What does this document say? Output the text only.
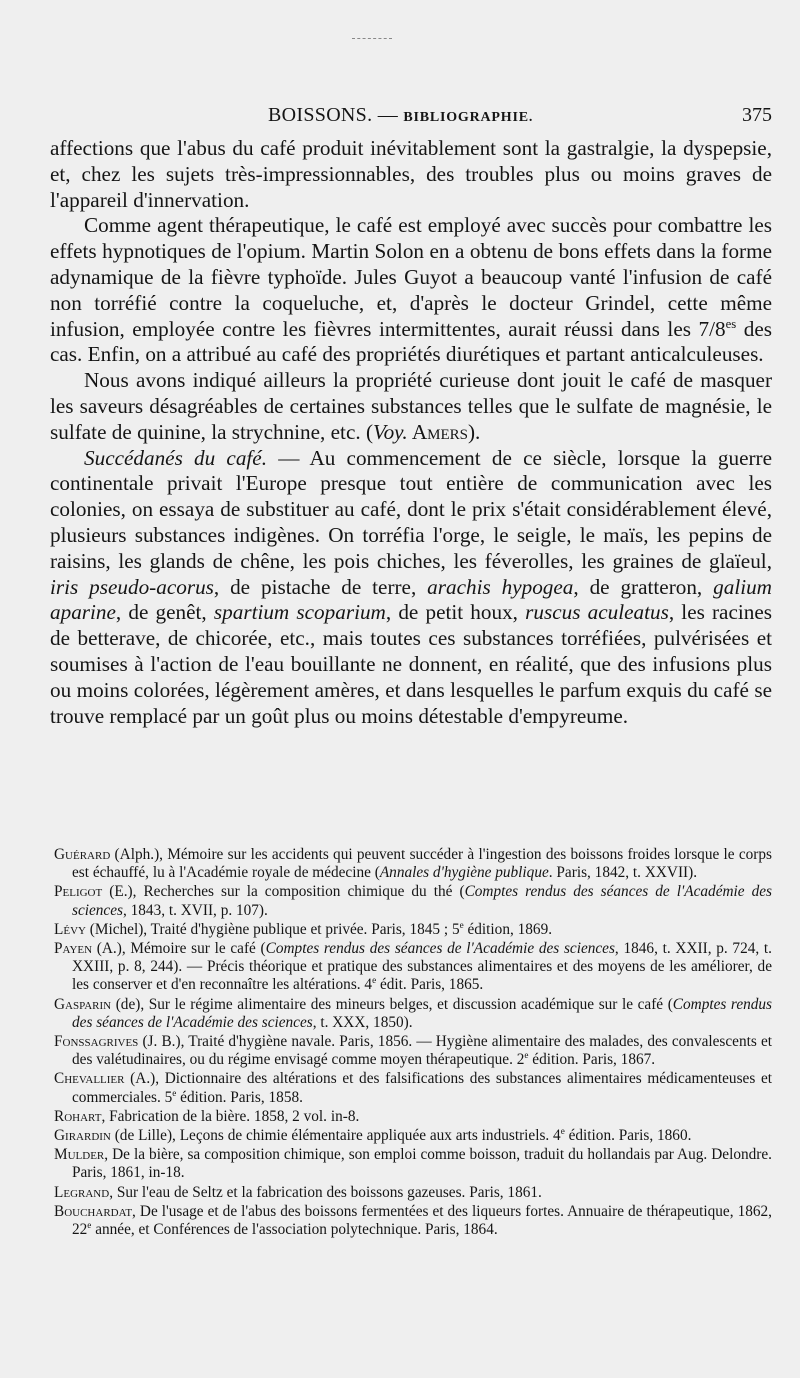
BOISSONS. — BIBLIOGRAPHIE.	375

affections que l'abus du café produit inévitablement sont la gastralgie, la dyspepsie, et, chez les sujets très-impressionnables, des troubles plus ou moins graves de l'appareil d'innervation.

Comme agent thérapeutique, le café est employé avec succès pour combattre les effets hypnotiques de l'opium. Martin Solon en a obtenu de bons effets dans la forme adynamique de la fièvre typhoïde. Jules Guyot a beaucoup vanté l'infusion de café non torréfié contre la coqueluche, et, d'après le docteur Grindel, cette même infusion, employée contre les fièvres intermittentes, aurait réussi dans les $7/8^{es}$ des cas. Enfin, on a attribué au café des propriétés diurétiques et partant anticalculeuses.

Nous avons indiqué ailleurs la propriété curieuse dont jouit le café de masquer les saveurs désagréables de certaines substances telles que le sulfate de magnésie, le sulfate de quinine, la strychnine, etc. (Voy. Amers).

Succédanés du café. — Au commencement de ce siècle, lorsque la guerre continentale privait l'Europe presque tout entière de communication avec les colonies, on essaya de substituer au café, dont le prix s'était considérablement élevé, plusieurs substances indigènes. On torréfia l'orge, le seigle, le maïs, les pepins de raisins, les glands de chêne, les pois chiches, les féverolles, les graines de glaïeul, iris pseudo-acorus, de pistache de terre, arachis hypogea, de gratteron, galium aparine, de genêt, spartium scoparium, de petit houx, ruscus aculeatus, les racines de betterave, de chicorée, etc., mais toutes ces substances torréfiées, pulvérisées et soumises à l'action de l'eau bouillante ne donnent, en réalité, que des infusions plus ou moins colorées, légèrement amères, et dans lesquelles le parfum exquis du café se trouve remplacé par un goût plus ou moins détestable d'empyreume.

Guérard (Alph.), Mémoire sur les accidents qui peuvent succéder à l'ingestion des boissons froides lorsque le corps est échauffé, lu à l'Académie royale de médecine (Annales d'hygiène publique. Paris, 1842, t. XXVII).

Peligot (E.), Recherches sur la composition chimique du thé (Comptes rendus des séances de l'Académie des sciences, 1843, t. XVII, p. 107).

Lévy (Michel), Traité d'hygiène publique et privée. Paris, 1845 ; 5e édition, 1869.

Payen (A.), Mémoire sur le café (Comptes rendus des séances de l'Académie des sciences, 1846, t. XXII, p. 724, t. XXIII, p. 8, 244). — Précis théorique et pratique des substances alimentaires et des moyens de les améliorer, de les conserver et d'en reconnaître les altérations. 4e édit. Paris, 1865.

Gasparin (de), Sur le régime alimentaire des mineurs belges, et discussion académique sur le café (Comptes rendus des séances de l'Académie des sciences, t. XXX, 1850).

Fonssagrives (J. B.), Traité d'hygiène navale. Paris, 1856. — Hygiène alimentaire des malades, des convalescents et des valétudinaires, ou du régime envisagé comme moyen thérapeutique. 2e édition. Paris, 1867.

Chevallier (A.), Dictionnaire des altérations et des falsifications des substances alimentaires médicamenteuses et commerciales. 5e édition. Paris, 1858.

Rohart, Fabrication de la bière. 1858, 2 vol. in-8.

Girardin (de Lille), Leçons de chimie élémentaire appliquée aux arts industriels. 4e édition. Paris, 1860.

Mulder, De la bière, sa composition chimique, son emploi comme boisson, traduit du hollandais par Aug. Delondre. Paris, 1861, in-18.

Legrand, Sur l'eau de Seltz et la fabrication des boissons gazeuses. Paris, 1861.

Bouchardat, De l'usage et de l'abus des boissons fermentées et des liqueurs fortes. Annuaire de thérapeutique, 1862, 22e année, et Conférences de l'association polytechnique. Paris, 1864.
